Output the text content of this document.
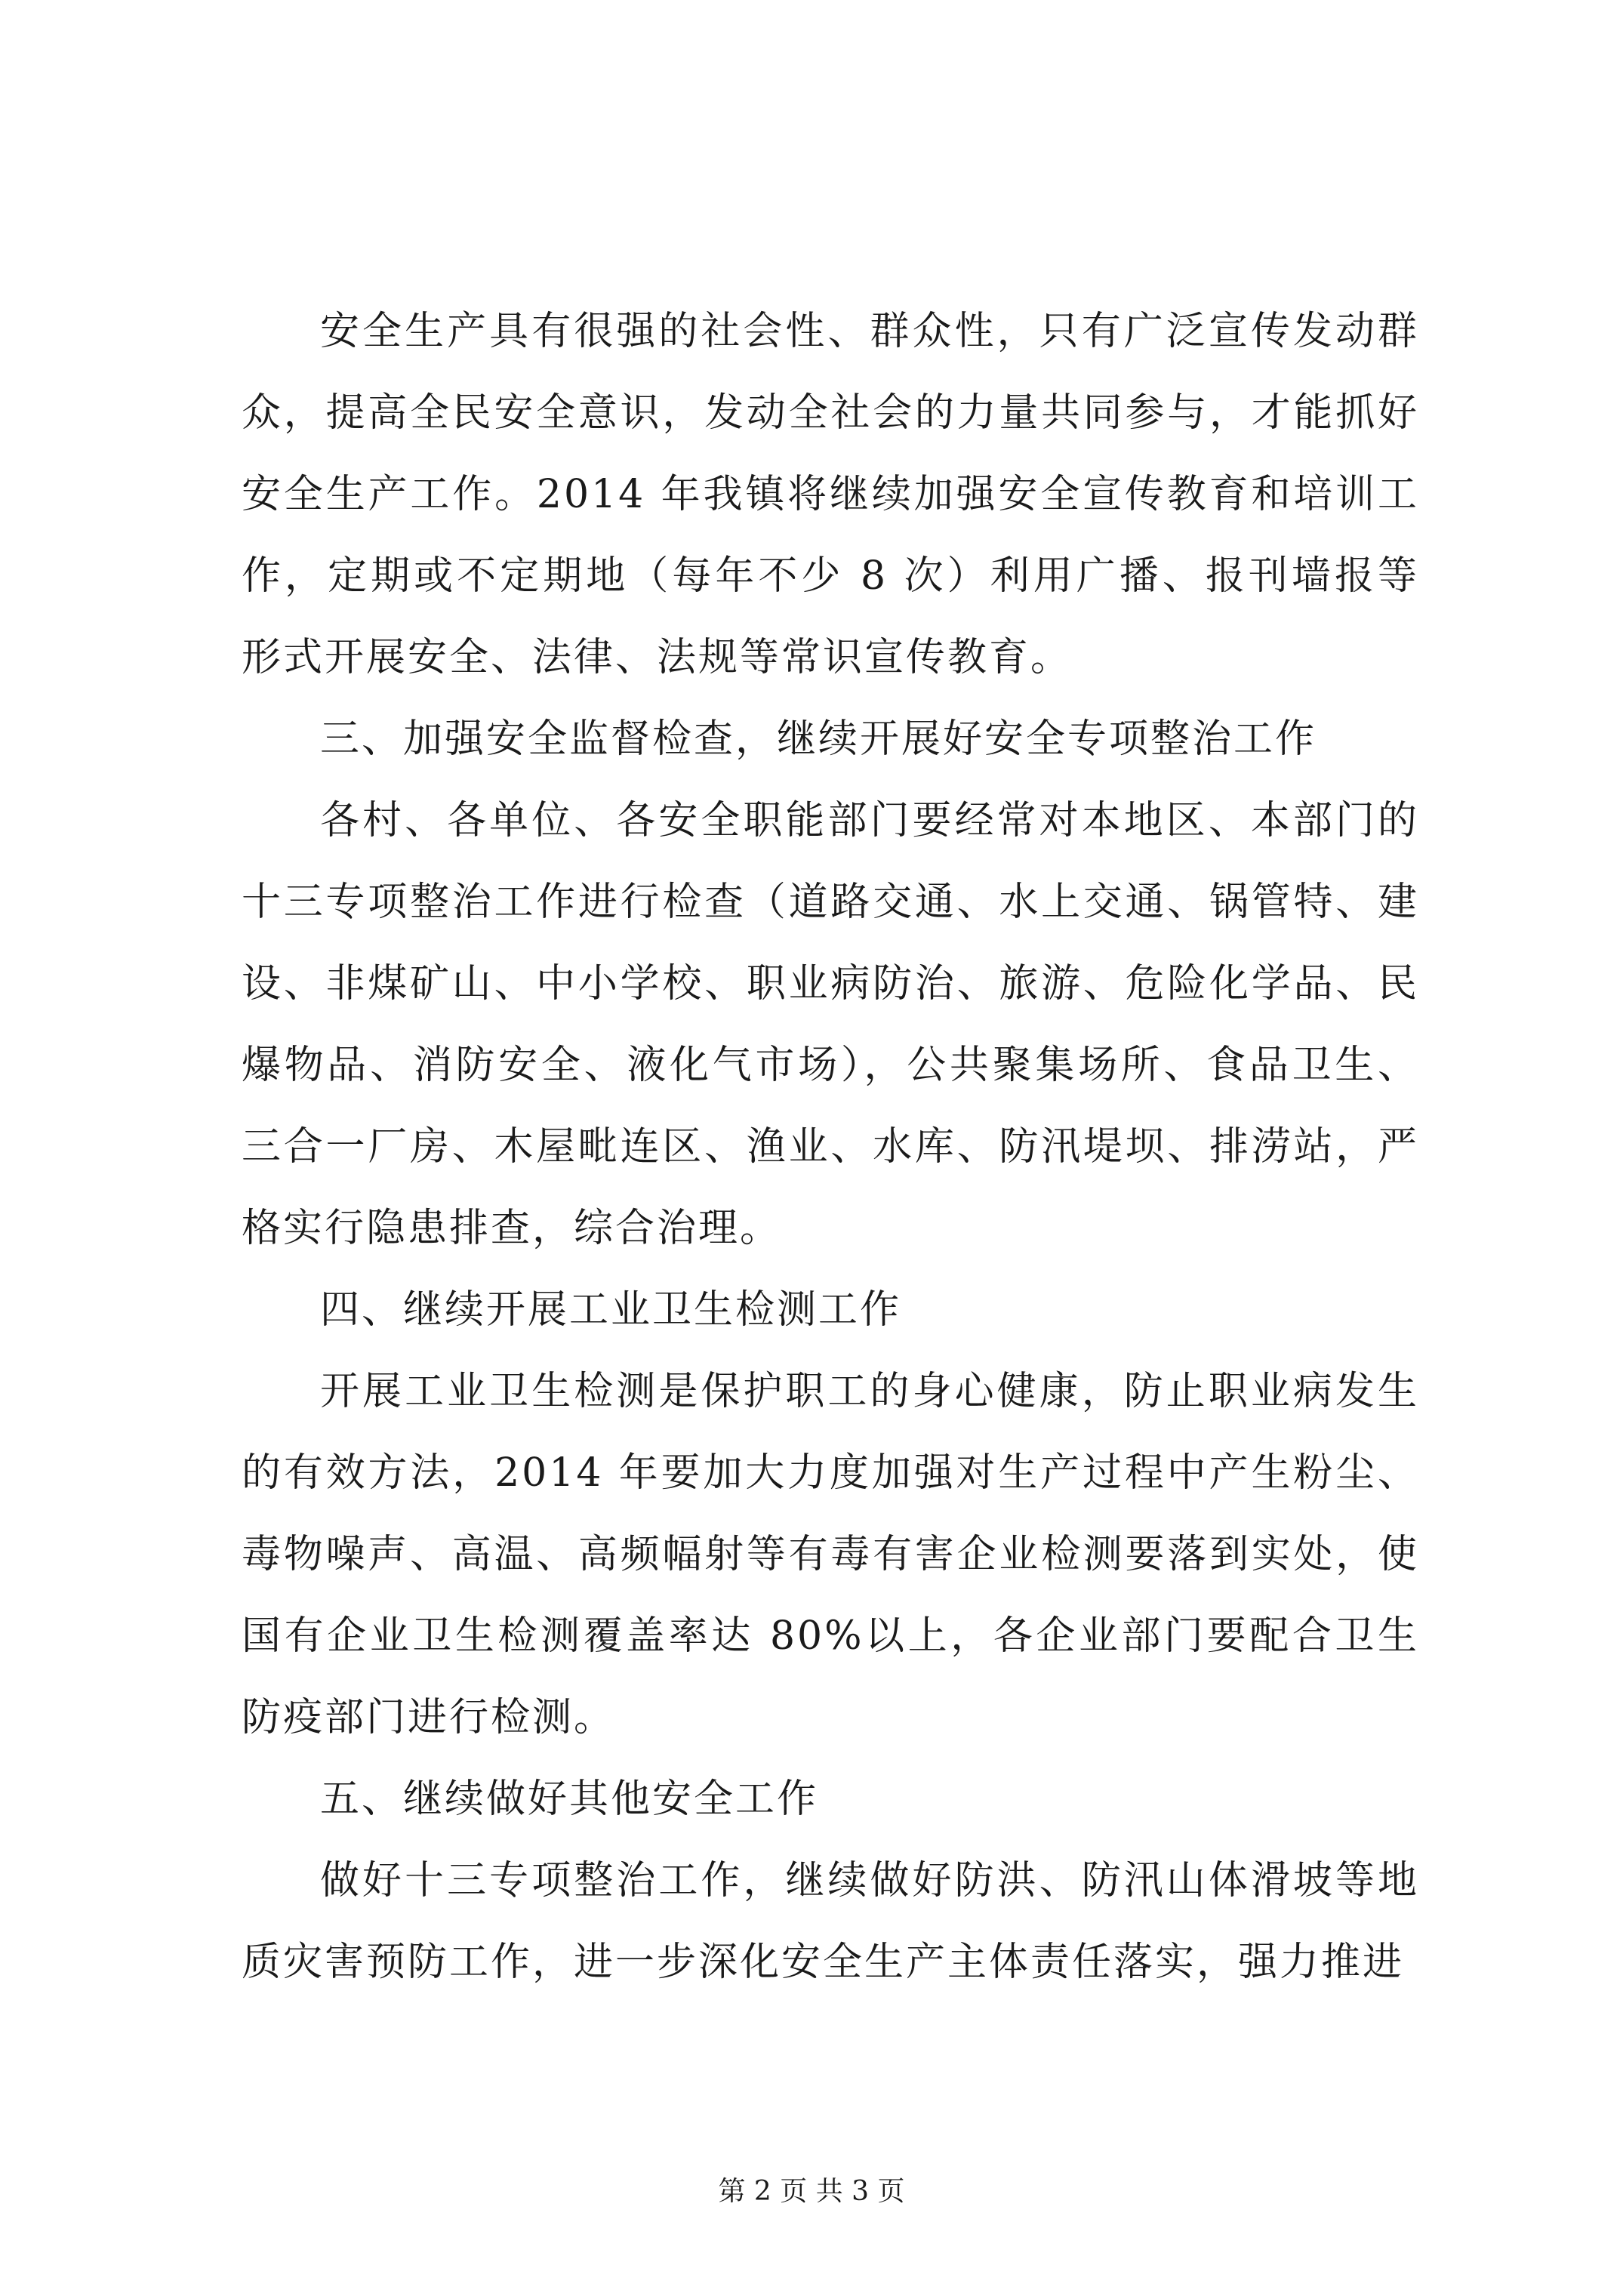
安全生产具有很强的社会性、群众性，只有广泛宣传发动群众，提高全民安全意识，发动全社会的力量共同参与，才能抓好安全生产工作。2014 年我镇将继续加强安全宣传教育和培训工作，定期或不定期地（每年不少 8 次）利用广播、报刊墙报等形式开展安全、法律、法规等常识宣传教育。

三、加强安全监督检查，继续开展好安全专项整治工作

各村、各单位、各安全职能部门要经常对本地区、本部门的十三专项整治工作进行检查（道路交通、水上交通、锅管特、建设、非煤矿山、中小学校、职业病防治、旅游、危险化学品、民爆物品、消防安全、液化气市场），公共聚集场所、食品卫生、三合一厂房、木屋毗连区、渔业、水库、防汛堤坝、排涝站，严格实行隐患排查，综合治理。

四、继续开展工业卫生检测工作

开展工业卫生检测是保护职工的身心健康，防止职业病发生的有效方法，2014 年要加大力度加强对生产过程中产生粉尘、毒物噪声、高温、高频幅射等有毒有害企业检测要落到实处，使国有企业卫生检测覆盖率达 80%以上，各企业部门要配合卫生防疫部门进行检测。

五、继续做好其他安全工作

做好十三专项整治工作，继续做好防洪、防汛山体滑坡等地质灾害预防工作，进一步深化安全生产主体责任落实，强力推进

第 2 页 共 3 页
